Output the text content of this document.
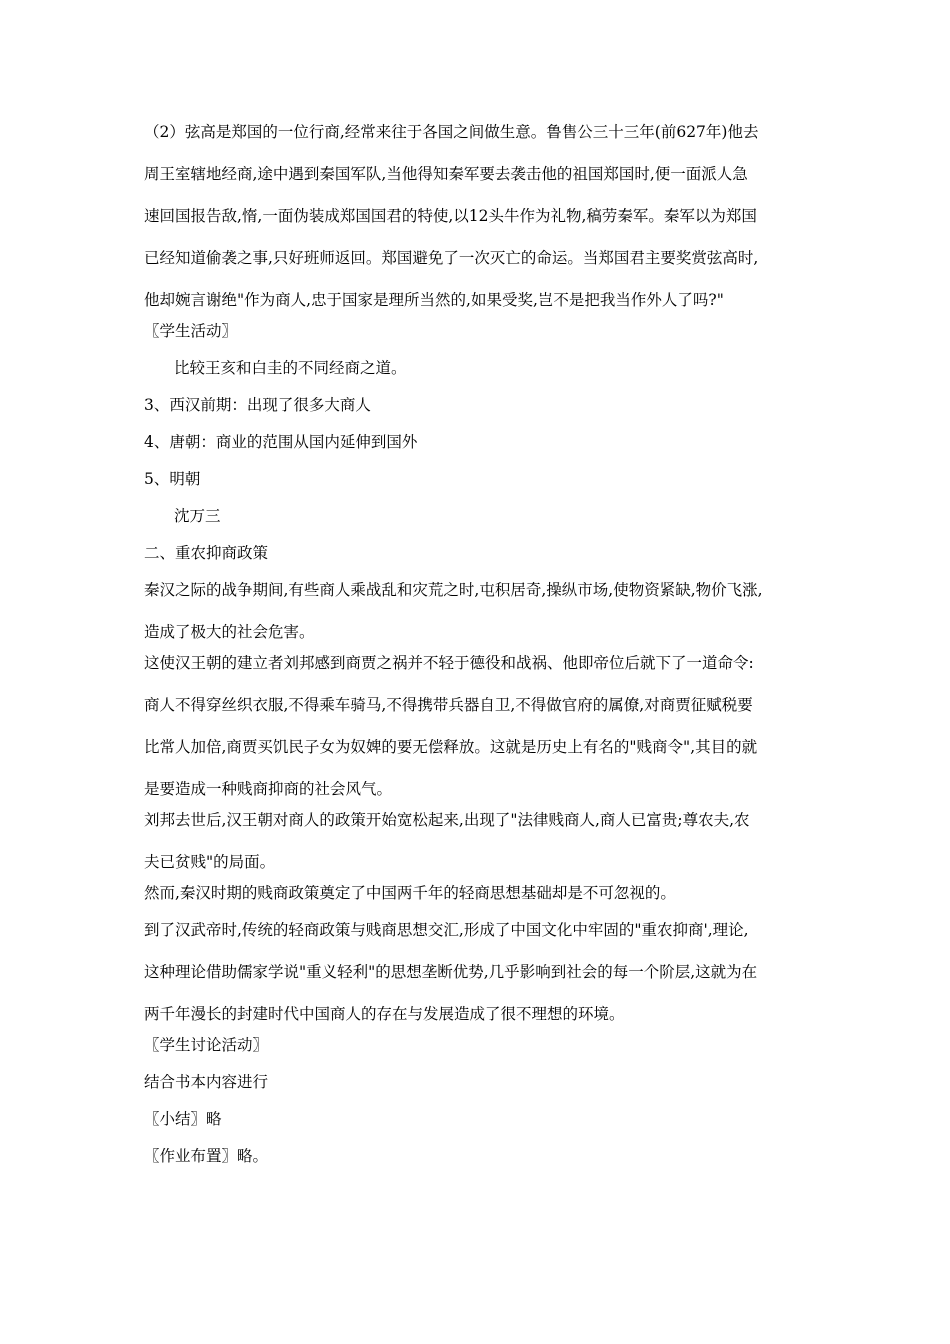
（2）弦高是郑国的一位行商,经常来往于各国之间做生意。鲁售公三十三年(前627年)他去
周王室辖地经商,途中遇到秦国军队,当他得知秦军要去袭击他的祖国郑国时,便一面派人急
速回国报告敌,惰,一面伪装成郑国国君的特使,以12头牛作为礼物,稿劳秦军。秦军以为郑国
已经知道偷袭之事,只好班师返回。郑国避免了一次灭亡的命运。当郑国君主要奖赏弦高时,
他却婉言谢绝"作为商人,忠于国家是理所当然的,如果受奖,岂不是把我当作外人了吗?"
〖学生活动〗
比较王亥和白圭的不同经商之道。
3、西汉前期：出现了很多大商人
4、唐朝：商业的范围从国内延伸到国外
5、明朝
沈万三
二、重农抑商政策
秦汉之际的战争期间,有些商人乘战乱和灾荒之时,屯积居奇,操纵市场,使物资紧缺,物价飞涨,
造成了极大的社会危害。
这使汉王朝的建立者刘邦感到商贾之祸并不轻于德役和战祸、他即帝位后就下了一道命令:
商人不得穿丝织衣服,不得乘车骑马,不得携带兵器自卫,不得做官府的属僚,对商贾征赋税要
比常人加倍,商贾买饥民子女为奴婢的要无偿释放。这就是历史上有名的"贱商令",其目的就
是要造成一种贱商抑商的社会风气。
刘邦去世后,汉王朝对商人的政策开始宽松起来,出现了"法律贱商人,商人已富贵;尊农夫,农
夫已贫贱"的局面。
然而,秦汉时期的贱商政策奠定了中国两千年的轻商思想基础却是不可忽视的。
到了汉武帝时,传统的轻商政策与贱商思想交汇,形成了中国文化中牢固的"重农抑商',理论,
这种理论借助儒家学说"重义轻利"的思想垄断优势,几乎影响到社会的每一个阶层,这就为在
两千年漫长的封建时代中国商人的存在与发展造成了很不理想的环境。
〖学生讨论活动〗
结合书本内容进行
〖小结〗略
〖作业布置〗略。
